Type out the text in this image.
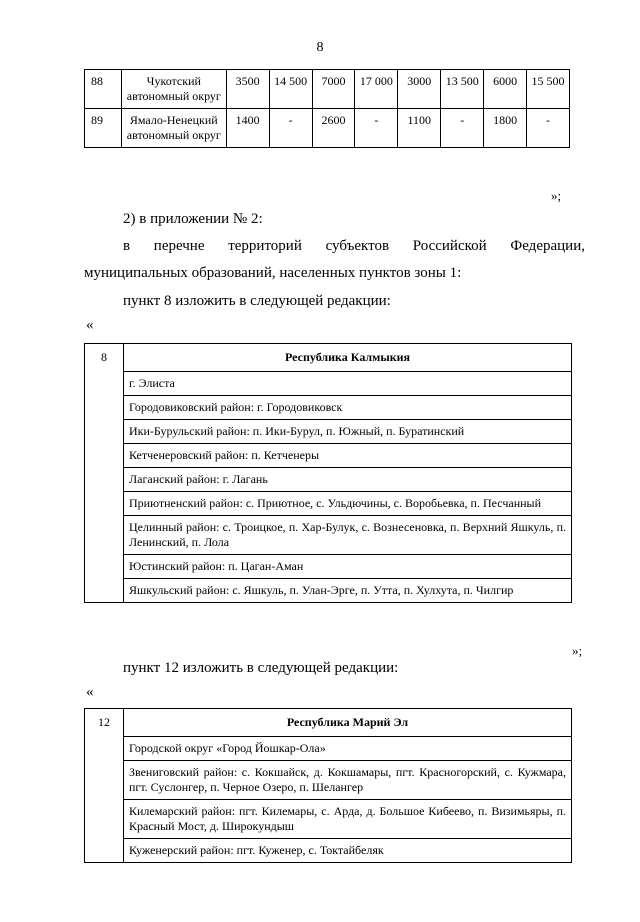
8
88	Чукотский автономный округ	3500	14 500	7000	17 000	3000	13 500	6000	15 500
89	Ямало-Ненецкий автономный округ	1400	-	2600	-	1100	-	1800	-
»;
2) в приложении № 2:
в перечне территорий субъектов Российской Федерации,
муниципальных образований, населенных пунктов зоны 1:
пункт 8 изложить в следующей редакции:
«
8	Республика Калмыкия
г. Элиста
Городовиковский район: г. Городовиковск
Ики-Бурульский район: п. Ики-Бурул, п. Южный, п. Буратинский
Кетченеровский район: п. Кетченеры
Лаганский район: г. Лагань
Приютненский район: с. Приютное, с. Ульдючины, с. Воробьевка, п. Песчанный
Целинный район: с. Троицкое, п. Хар-Булук, с. Вознесеновка, п. Верхний Яшкуль, п. Ленинский, п. Лола
Юстинский район: п. Цаган-Аман
Яшкульский район: с. Яшкуль, п. Улан-Эрге, п. Утта, п. Хулхута, п. Чилгир
»;
пункт 12 изложить в следующей редакции:
«
12	Республика Марий Эл
Городской округ «Город Йошкар-Ола»
Звениговский район: с. Кокшайск, д. Кокшамары, пгт. Красногорский, с. Кужмара, пгт. Суслонгер, п. Черное Озеро, п. Шелангер
Килемарский район: пгт. Килемары, с. Арда, д. Большое Кибеево, п. Визимьяры, п. Красный Мост, д. Широкундыш
Куженерский район: пгт. Куженер, с. Токтайбеляк
